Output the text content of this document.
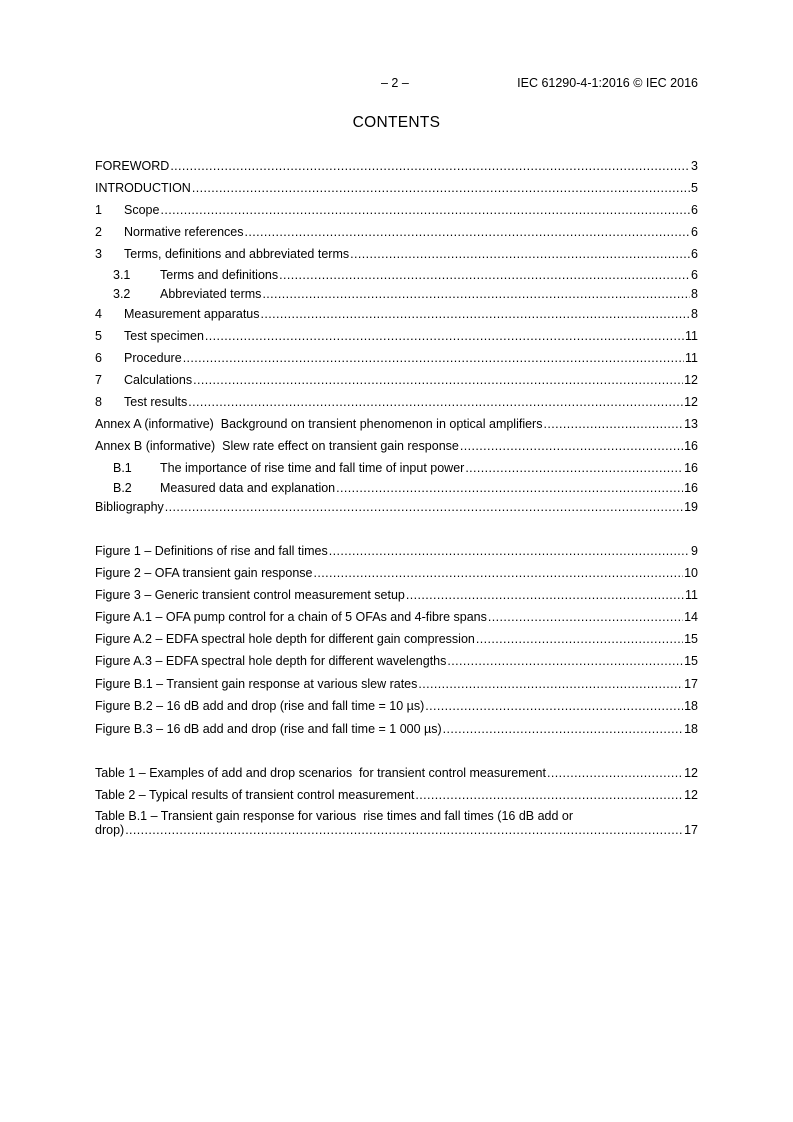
– 2 –	IEC 61290-4-1:2016 © IEC 2016
CONTENTS
FOREWORD .....	3
INTRODUCTION .....	5
1	Scope .....	6
2	Normative references .....	6
3	Terms, definitions and abbreviated terms .....	6
3.1	Terms and definitions .....	6
3.2	Abbreviated terms .....	8
4	Measurement apparatus .....	8
5	Test specimen .....	11
6	Procedure .....	11
7	Calculations .....	12
8	Test results .....	12
Annex A (informative)  Background on transient phenomenon in optical amplifiers .....	13
Annex B (informative)  Slew rate effect on transient gain response .....	16
B.1	The importance of rise time and fall time of input power .....	16
B.2	Measured data and explanation .....	16
Bibliography .....	19
Figure 1 – Definitions of rise and fall times .....	9
Figure 2 – OFA transient gain response .....	10
Figure 3 – Generic transient control measurement setup .....	11
Figure A.1 – OFA pump control for a chain of 5 OFAs and 4-fibre spans .....	14
Figure A.2 – EDFA spectral hole depth for different gain compression .....	15
Figure A.3 – EDFA spectral hole depth for different wavelengths .....	15
Figure B.1 – Transient gain response at various slew rates .....	17
Figure B.2 – 16 dB add and drop (rise and fall time = 10 µs) .....	18
Figure B.3 – 16 dB add and drop (rise and fall time = 1 000 µs) .....	18
Table 1 – Examples of add and drop scenarios  for transient control measurement .....	12
Table 2 – Typical results of transient control measurement .....	12
Table B.1 – Transient gain response for various  rise times and fall times (16 dB add or
drop) .....	17
